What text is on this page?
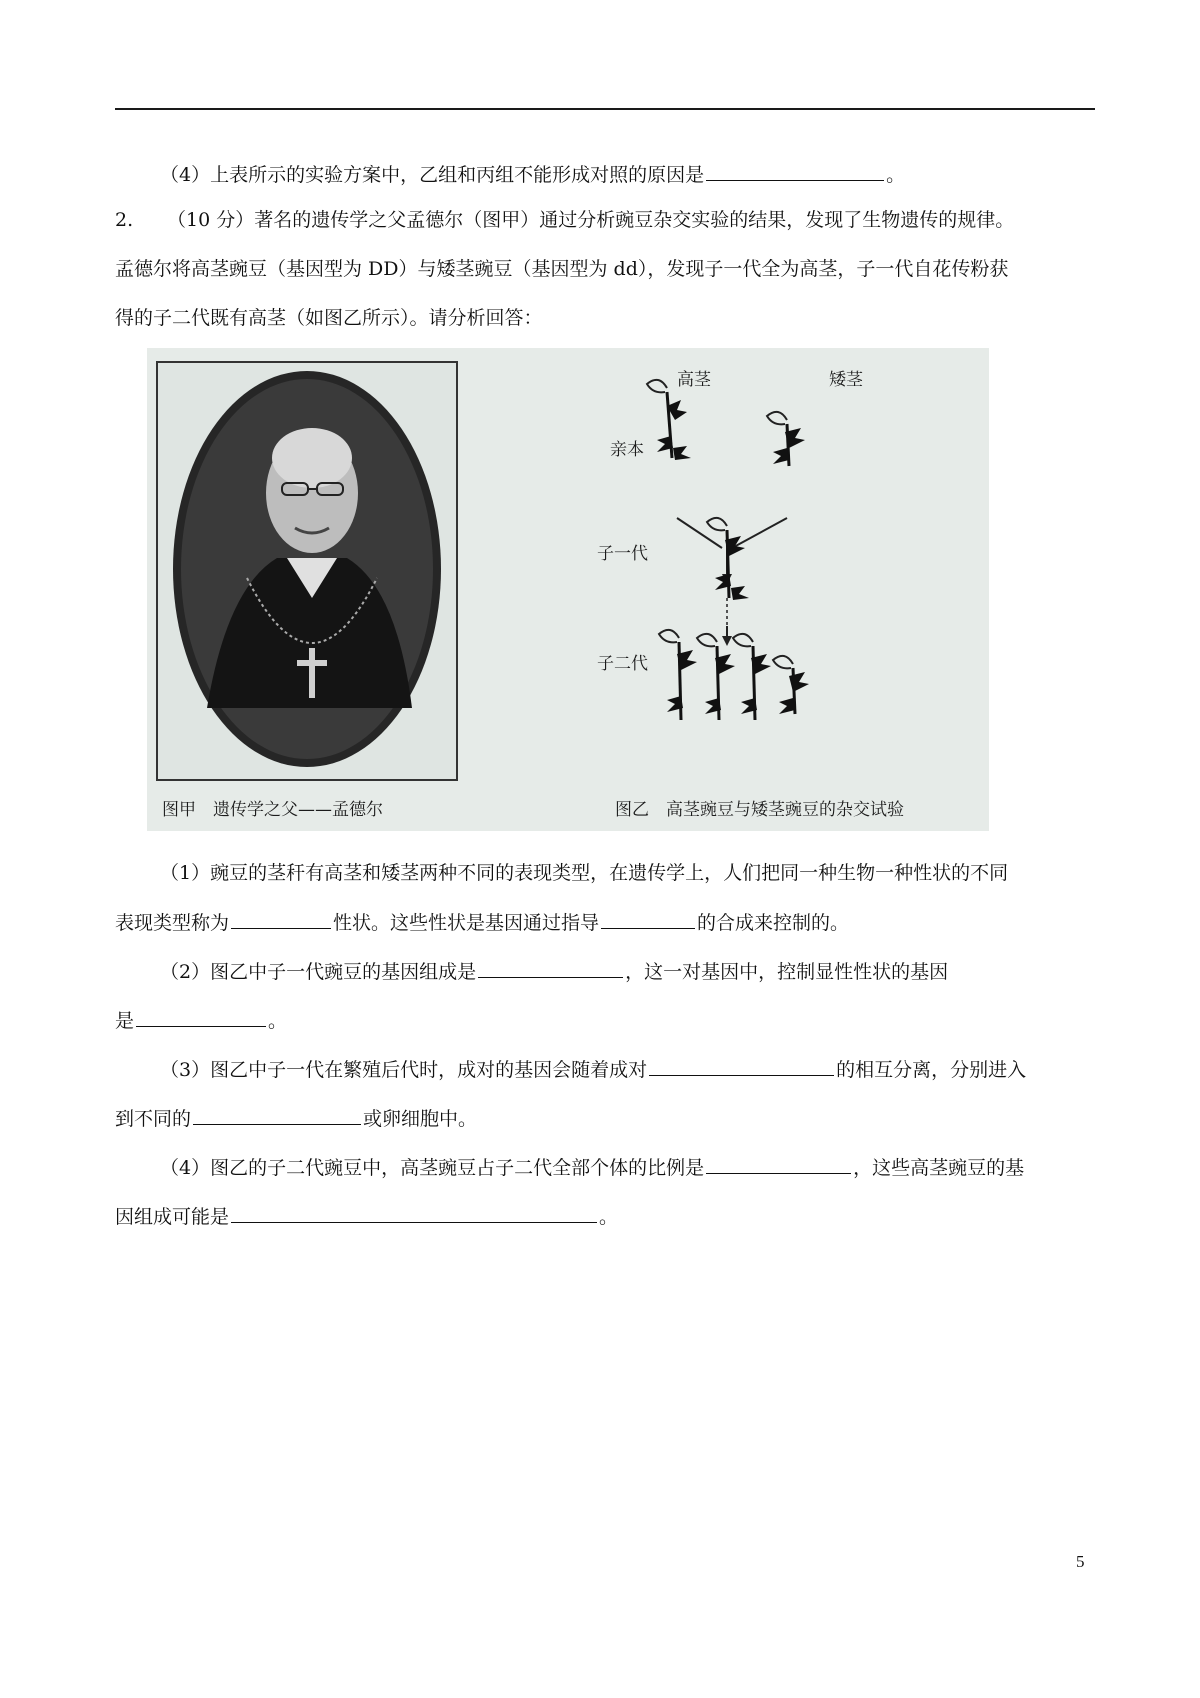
（4）上表所示的实验方案中，乙组和丙组不能形成对照的原因是	。
2. （10 分）著名的遗传学之父孟德尔（图甲）通过分析豌豆杂交实验的结果，发现了生物遗传的规律。
孟德尔将高茎豌豆（基因型为 DD）与矮茎豌豆（基因型为 dd），发现子一代全为高茎，子一代自花传粉获
得的子二代既有高茎（如图乙所示）。请分析回答：
高茎	矮茎
亲本
子一代
子二代
图甲　遗传学之父——孟德尔	图乙　高茎豌豆与矮茎豌豆的杂交试验
（1）豌豆的茎秆有高茎和矮茎两种不同的表现类型，在遗传学上，人们把同一种生物一种性状的不同
表现类型称为	性状。这些性状是基因通过指导	的合成来控制的。
（2）图乙中子一代豌豆的基因组成是	，这一对基因中，控制显性性状的基因
是	。
（3）图乙中子一代在繁殖后代时，成对的基因会随着成对	的相互分离，分别进入
到不同的	或卵细胞中。
（4）图乙的子二代豌豆中，高茎豌豆占子二代全部个体的比例是	，这些高茎豌豆的基
因组成可能是	。
5
